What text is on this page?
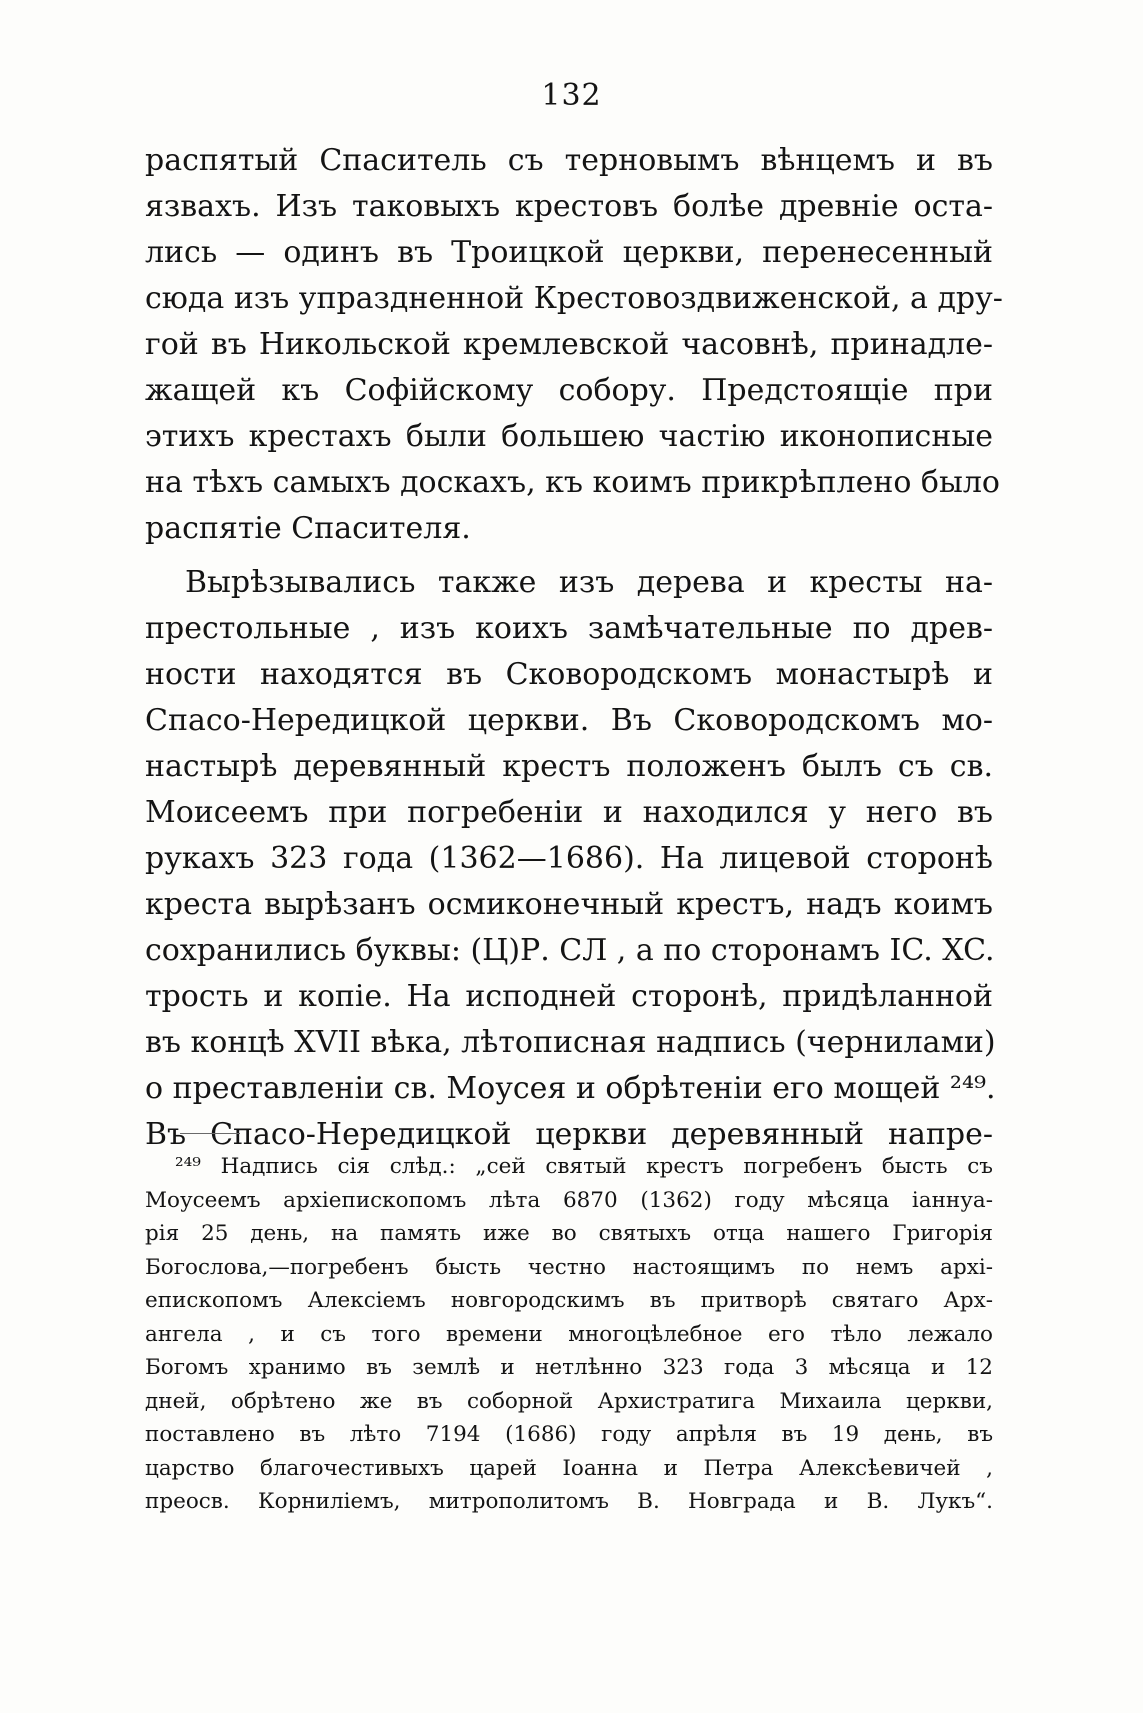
132
распятый Спаситель съ терновымъ вѣнцемъ и въ
язвахъ. Изъ таковыхъ крестовъ болѣе древніе оста-
лись — одинъ въ Троицкой церкви, перенесенный
сюда изъ упраздненной Крестовоздвиженской, а дру-
гой въ Никольской кремлевской часовнѣ, принадле-
жащей къ Софійскому собору. Предстоящіе при
этихъ крестахъ были большею частію иконописные
на тѣхъ самыхъ доскахъ, къ коимъ прикрѣплено было
распятіе Спасителя.
Вырѣзывались также изъ дерева и кресты на-
престольные , изъ коихъ замѣчательные по древ-
ности находятся въ Сковородскомъ монастырѣ и
Спасо-Нередицкой церкви. Въ Сковородскомъ мо-
настырѣ деревянный крестъ положенъ былъ съ св.
Моисеемъ при погребеніи и находился у него въ
рукахъ 323 года (1362—1686). На лицевой сторонѣ
креста вырѣзанъ осмиконечный крестъ, надъ коимъ
сохранились буквы: (Ц)Р. СЛ , а по сторонамъ IC. XC.
трость и копіе. На исподней сторонѣ, придѣланной
въ концѣ XVII вѣка, лѣтописная надпись (чернилами)
о преставленіи св. Моусея и обрѣтеніи его мощей ²⁴⁹.
Въ Спасо-Нередицкой церкви деревянный напре-
²⁴⁹ Надпись сія слѣд.: „сей святый крестъ погребенъ бысть съ
Моусеемъ архіепископомъ лѣта 6870 (1362) году мѣсяца іаннуа-
рія 25 день, на память иже во святыхъ отца нашего Григорія
Богослова,—погребенъ бысть честно настоящимъ по немъ архі-
епископомъ Алексіемъ новгородскимъ въ притворѣ святаго Арх-
ангела , и съ того времени многоцѣлебное его тѣло лежало
Богомъ хранимо въ землѣ и нетлѣнно 323 года 3 мѣсяца и 12
дней, обрѣтено же въ соборной Архистратига Михаила церкви,
поставлено въ лѣто 7194 (1686) году апрѣля въ 19 день, въ
царство благочестивыхъ царей Іоанна и Петра Алексѣевичей ,
преосв. Корниліемъ, митрополитомъ В. Новграда и В. Лукъ“.
